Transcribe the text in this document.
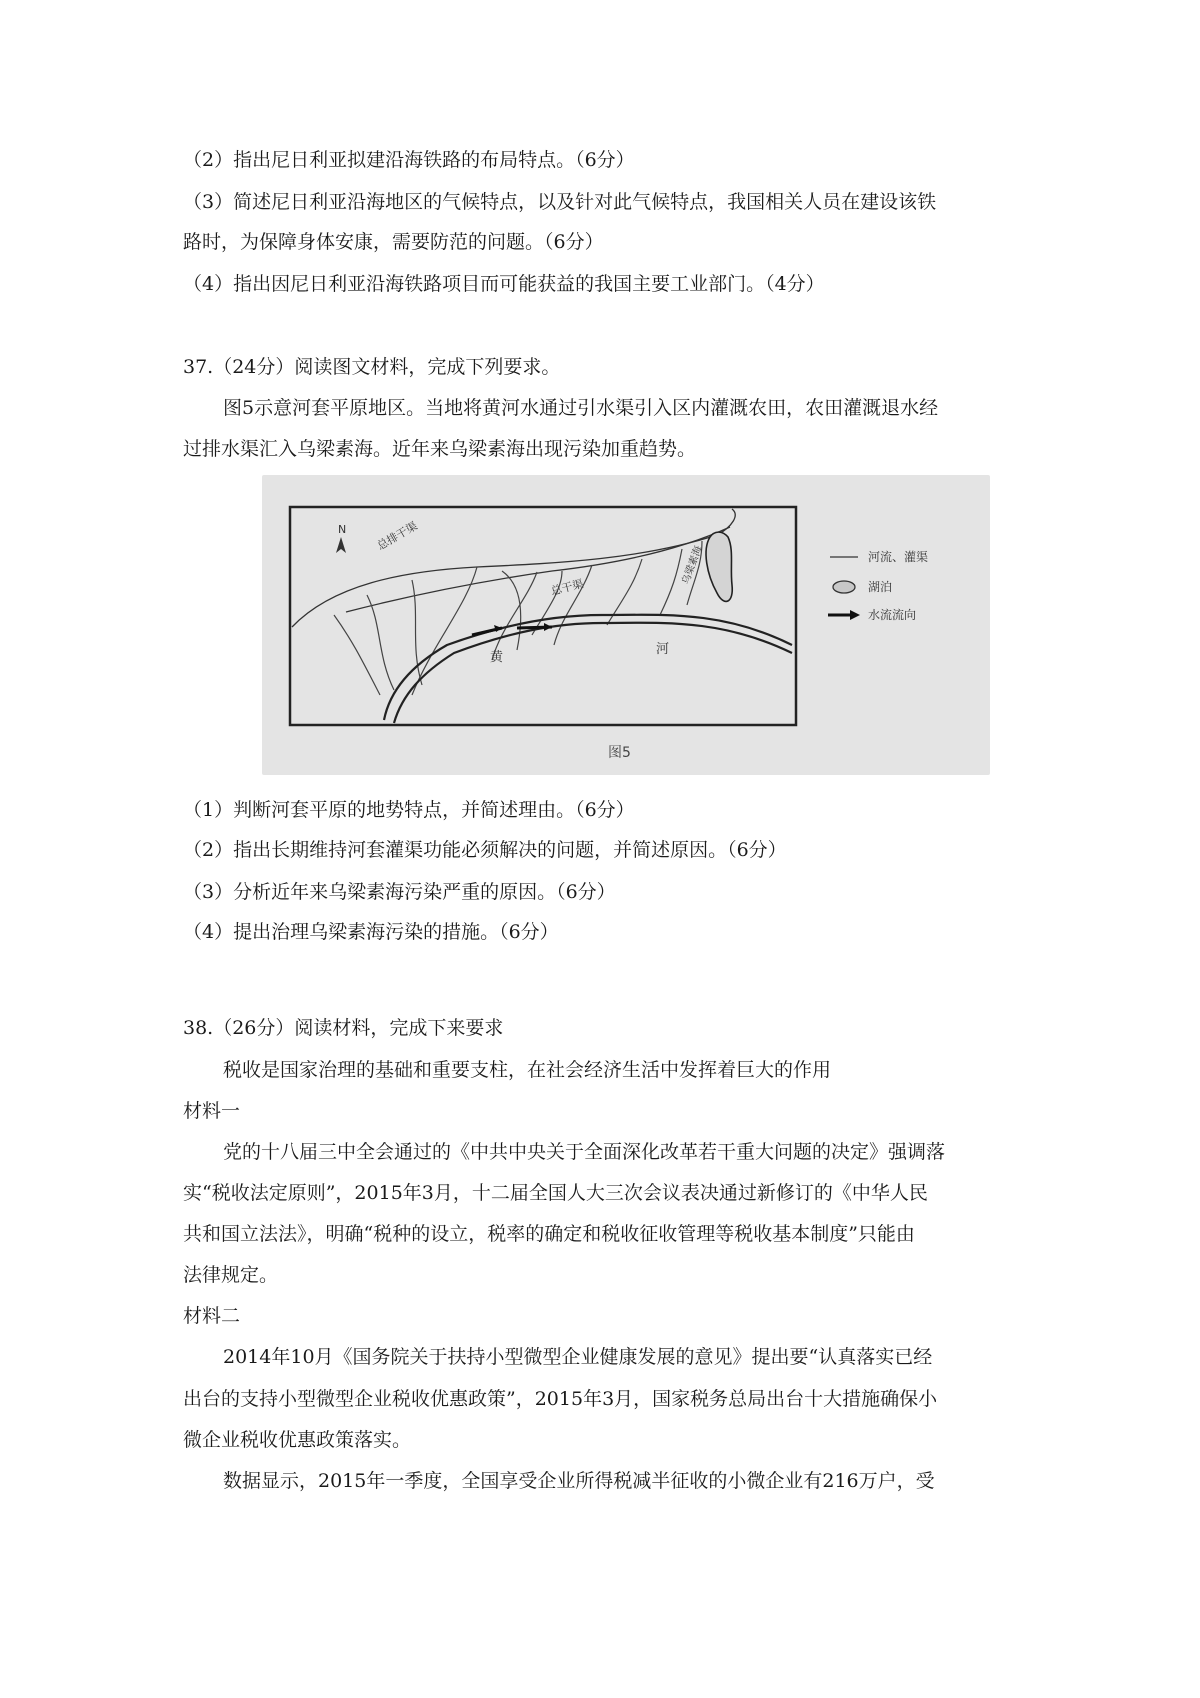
（2）指出尼日利亚拟建沿海铁路的布局特点。（6分）
（3）简述尼日利亚沿海地区的气候特点，以及针对此气候特点，我国相关人员在建设该铁
路时，为保障身体安康，需要防范的问题。（6分）
（4）指出因尼日利亚沿海铁路项目而可能获益的我国主要工业部门。（4分）
37.（24分）阅读图文材料，完成下列要求。
图5示意河套平原地区。当地将黄河水通过引水渠引入区内灌溉农田，农田灌溉退水经
过排水渠汇入乌梁素海。近年来乌梁素海出现污染加重趋势。
N	总排干渠
总干渠
乌梁素海
黄
河
河流、灌渠
湖泊
水流流向
图5
（1）判断河套平原的地势特点，并简述理由。（6分）
（2）指出长期维持河套灌渠功能必须解决的问题，并简述原因。（6分）
（3）分析近年来乌梁素海污染严重的原因。（6分）
（4）提出治理乌梁素海污染的措施。（6分）
38.（26分）阅读材料，完成下来要求
税收是国家治理的基础和重要支柱，在社会经济生活中发挥着巨大的作用
材料一
党的十八届三中全会通过的《中共中央关于全面深化改革若干重大问题的决定》强调落
实“税收法定原则”，2015年3月，十二届全国人大三次会议表决通过新修订的《中华人民
共和国立法法》，明确“税种的设立，税率的确定和税收征收管理等税收基本制度”只能由
法律规定。
材料二
2014年10月《国务院关于扶持小型微型企业健康发展的意见》提出要“认真落实已经
出台的支持小型微型企业税收优惠政策”，2015年3月，国家税务总局出台十大措施确保小
微企业税收优惠政策落实。
数据显示，2015年一季度，全国享受企业所得税减半征收的小微企业有216万户，受
